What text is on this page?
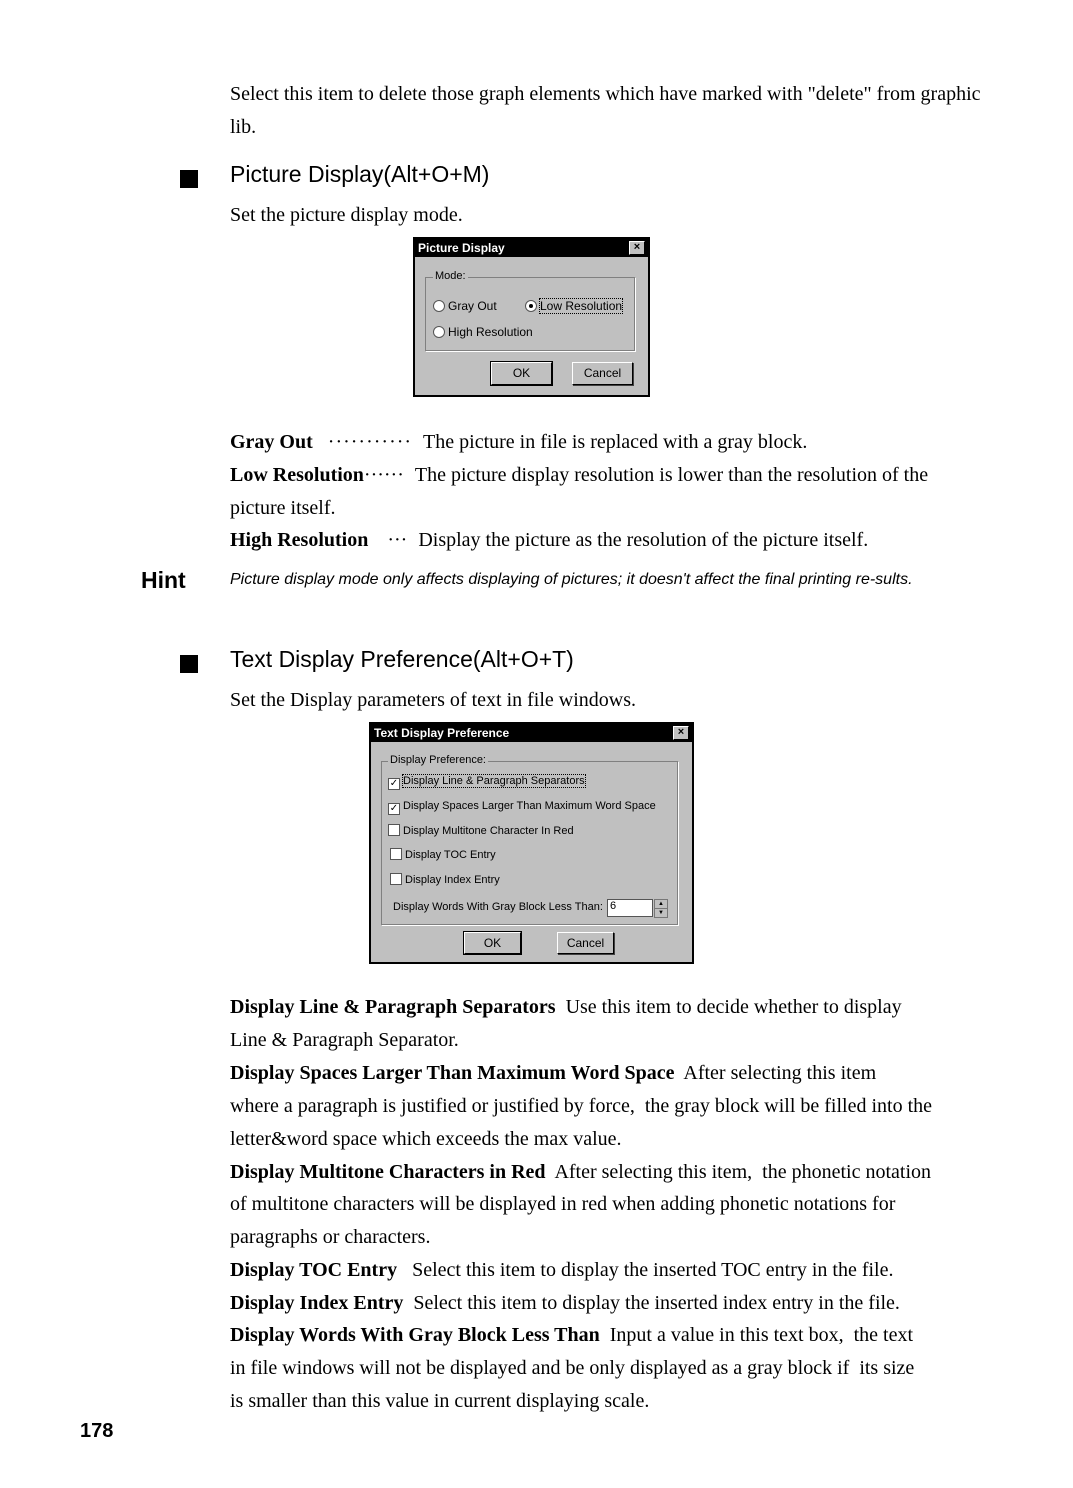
Select this item to delete those graph elements which have marked with "delete" from graphic lib.
Picture Display(Alt+O+M)
Set the picture display mode.
Picture Display	×
Mode:
Gray Out	Low Resolution
High Resolution
OK	Cancel
Gray Out ··········· The picture in file is replaced with a gray block.
Low Resolution······ The picture display resolution is lower than the resolution of the
picture itself.
High Resolution ··· Display the picture as the resolution of the picture itself.
Hint	Picture display mode only affects displaying of pictures; it doesn't affect the final printing re-sults.
Text Display Preference(Alt+O+T)
Set the Display parameters of text in file windows.
Text Display Preference	×
Display Preference:
✓ Display Line & Paragraph Separators
✓ Display Spaces Larger Than Maximum Word Space
Display Multitone Character In Red
Display TOC Entry
Display Index Entry
Display Words With Gray Block Less Than: 6	▲
▼
OK	Cancel
Display Line & Paragraph Separators  Use this item to decide whether to display
Line & Paragraph Separator.
Display Spaces Larger Than Maximum Word Space  After selecting this item
where a paragraph is justified or justified by force,  the gray block will be filled into the
letter&word space which exceeds the max value.
Display Multitone Characters in Red  After selecting this item,  the phonetic notation
of multitone characters will be displayed in red when adding phonetic notations for
paragraphs or characters.
Display TOC Entry   Select this item to display the inserted TOC entry in the file.
Display Index Entry  Select this item to display the inserted index entry in the file.
Display Words With Gray Block Less Than  Input a value in this text box,  the text
in file windows will not be displayed and be only displayed as a gray block if  its size
is smaller than this value in current displaying scale.
178
